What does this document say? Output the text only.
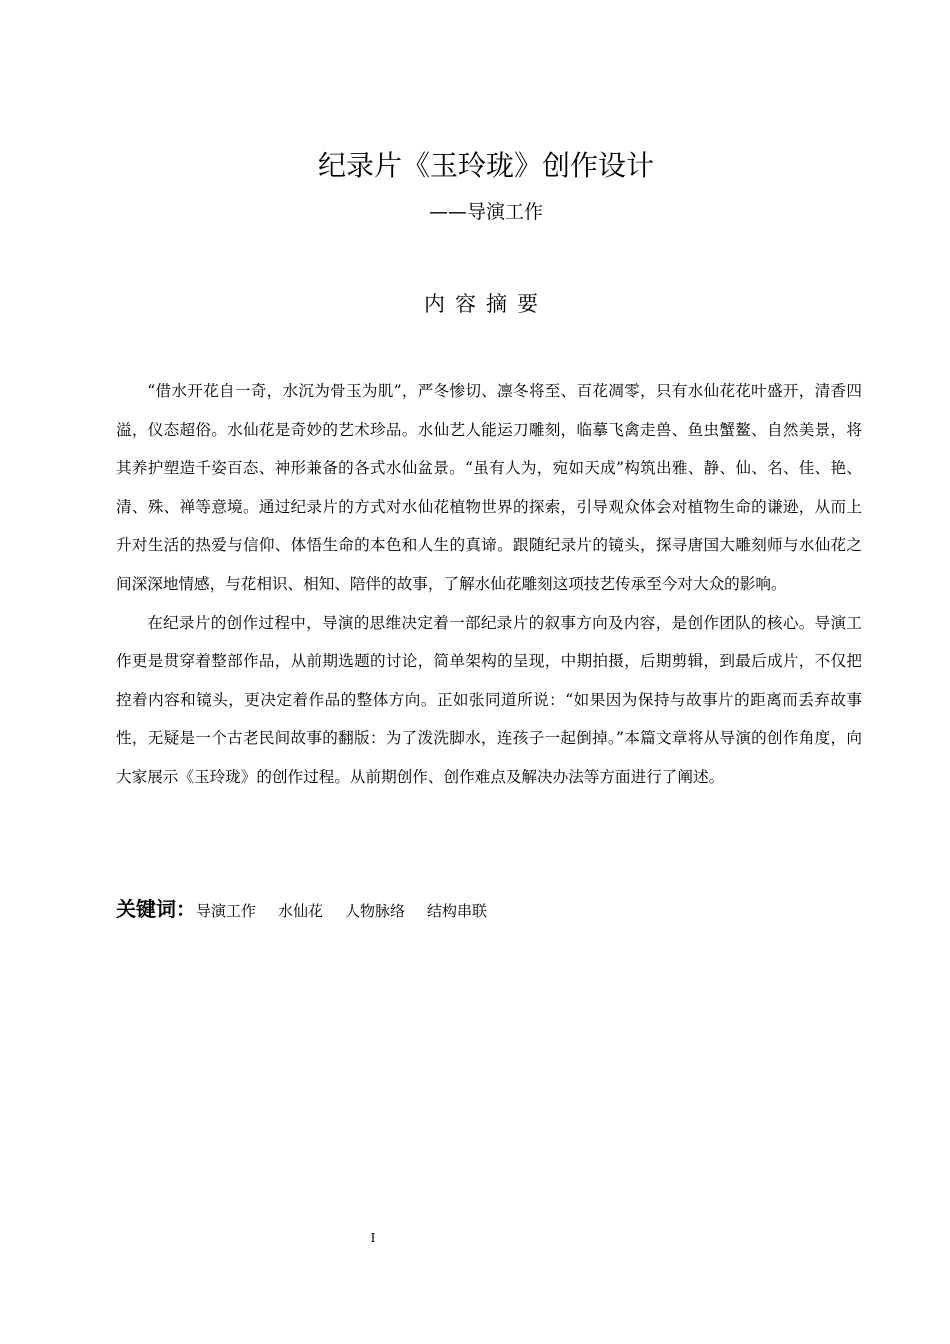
纪录片《玉玲珑》创作设计
——导演工作
内容摘要

“借水开花自一奇，水沉为骨玉为肌”，严冬惨切、凛冬将至、百花凋零，只有水仙花花叶盛开，清香四溢，仪态超俗。水仙花是奇妙的艺术珍品。水仙艺人能运刀雕刻，临摹飞禽走兽、鱼虫蟹鳌、自然美景，将其养护塑造千姿百态、神形兼备的各式水仙盆景。“虽有人为，宛如天成”构筑出雅、静、仙、名、佳、艳、清、殊、禅等意境。通过纪录片的方式对水仙花植物世界的探索，引导观众体会对植物生命的谦逊，从而上升对生活的热爱与信仰、体悟生命的本色和人生的真谛。跟随纪录片的镜头，探寻唐国大雕刻师与水仙花之间深深地情感，与花相识、相知、陪伴的故事，了解水仙花雕刻这项技艺传承至今对大众的影响。

在纪录片的创作过程中，导演的思维决定着一部纪录片的叙事方向及内容，是创作团队的核心。导演工作更是贯穿着整部作品，从前期选题的讨论，简单架构的呈现，中期拍摄，后期剪辑，到最后成片，不仅把控着内容和镜头，更决定着作品的整体方向。正如张同道所说：“如果因为保持与故事片的距离而丢弃故事性，无疑是一个古老民间故事的翻版：为了泼洗脚水，连孩子一起倒掉。”本篇文章将从导演的创作角度，向大家展示《玉玲珑》的创作过程。从前期创作、创作难点及解决办法等方面进行了阐述。

关键词：导演工作 水仙花 人物脉络 结构串联
I
